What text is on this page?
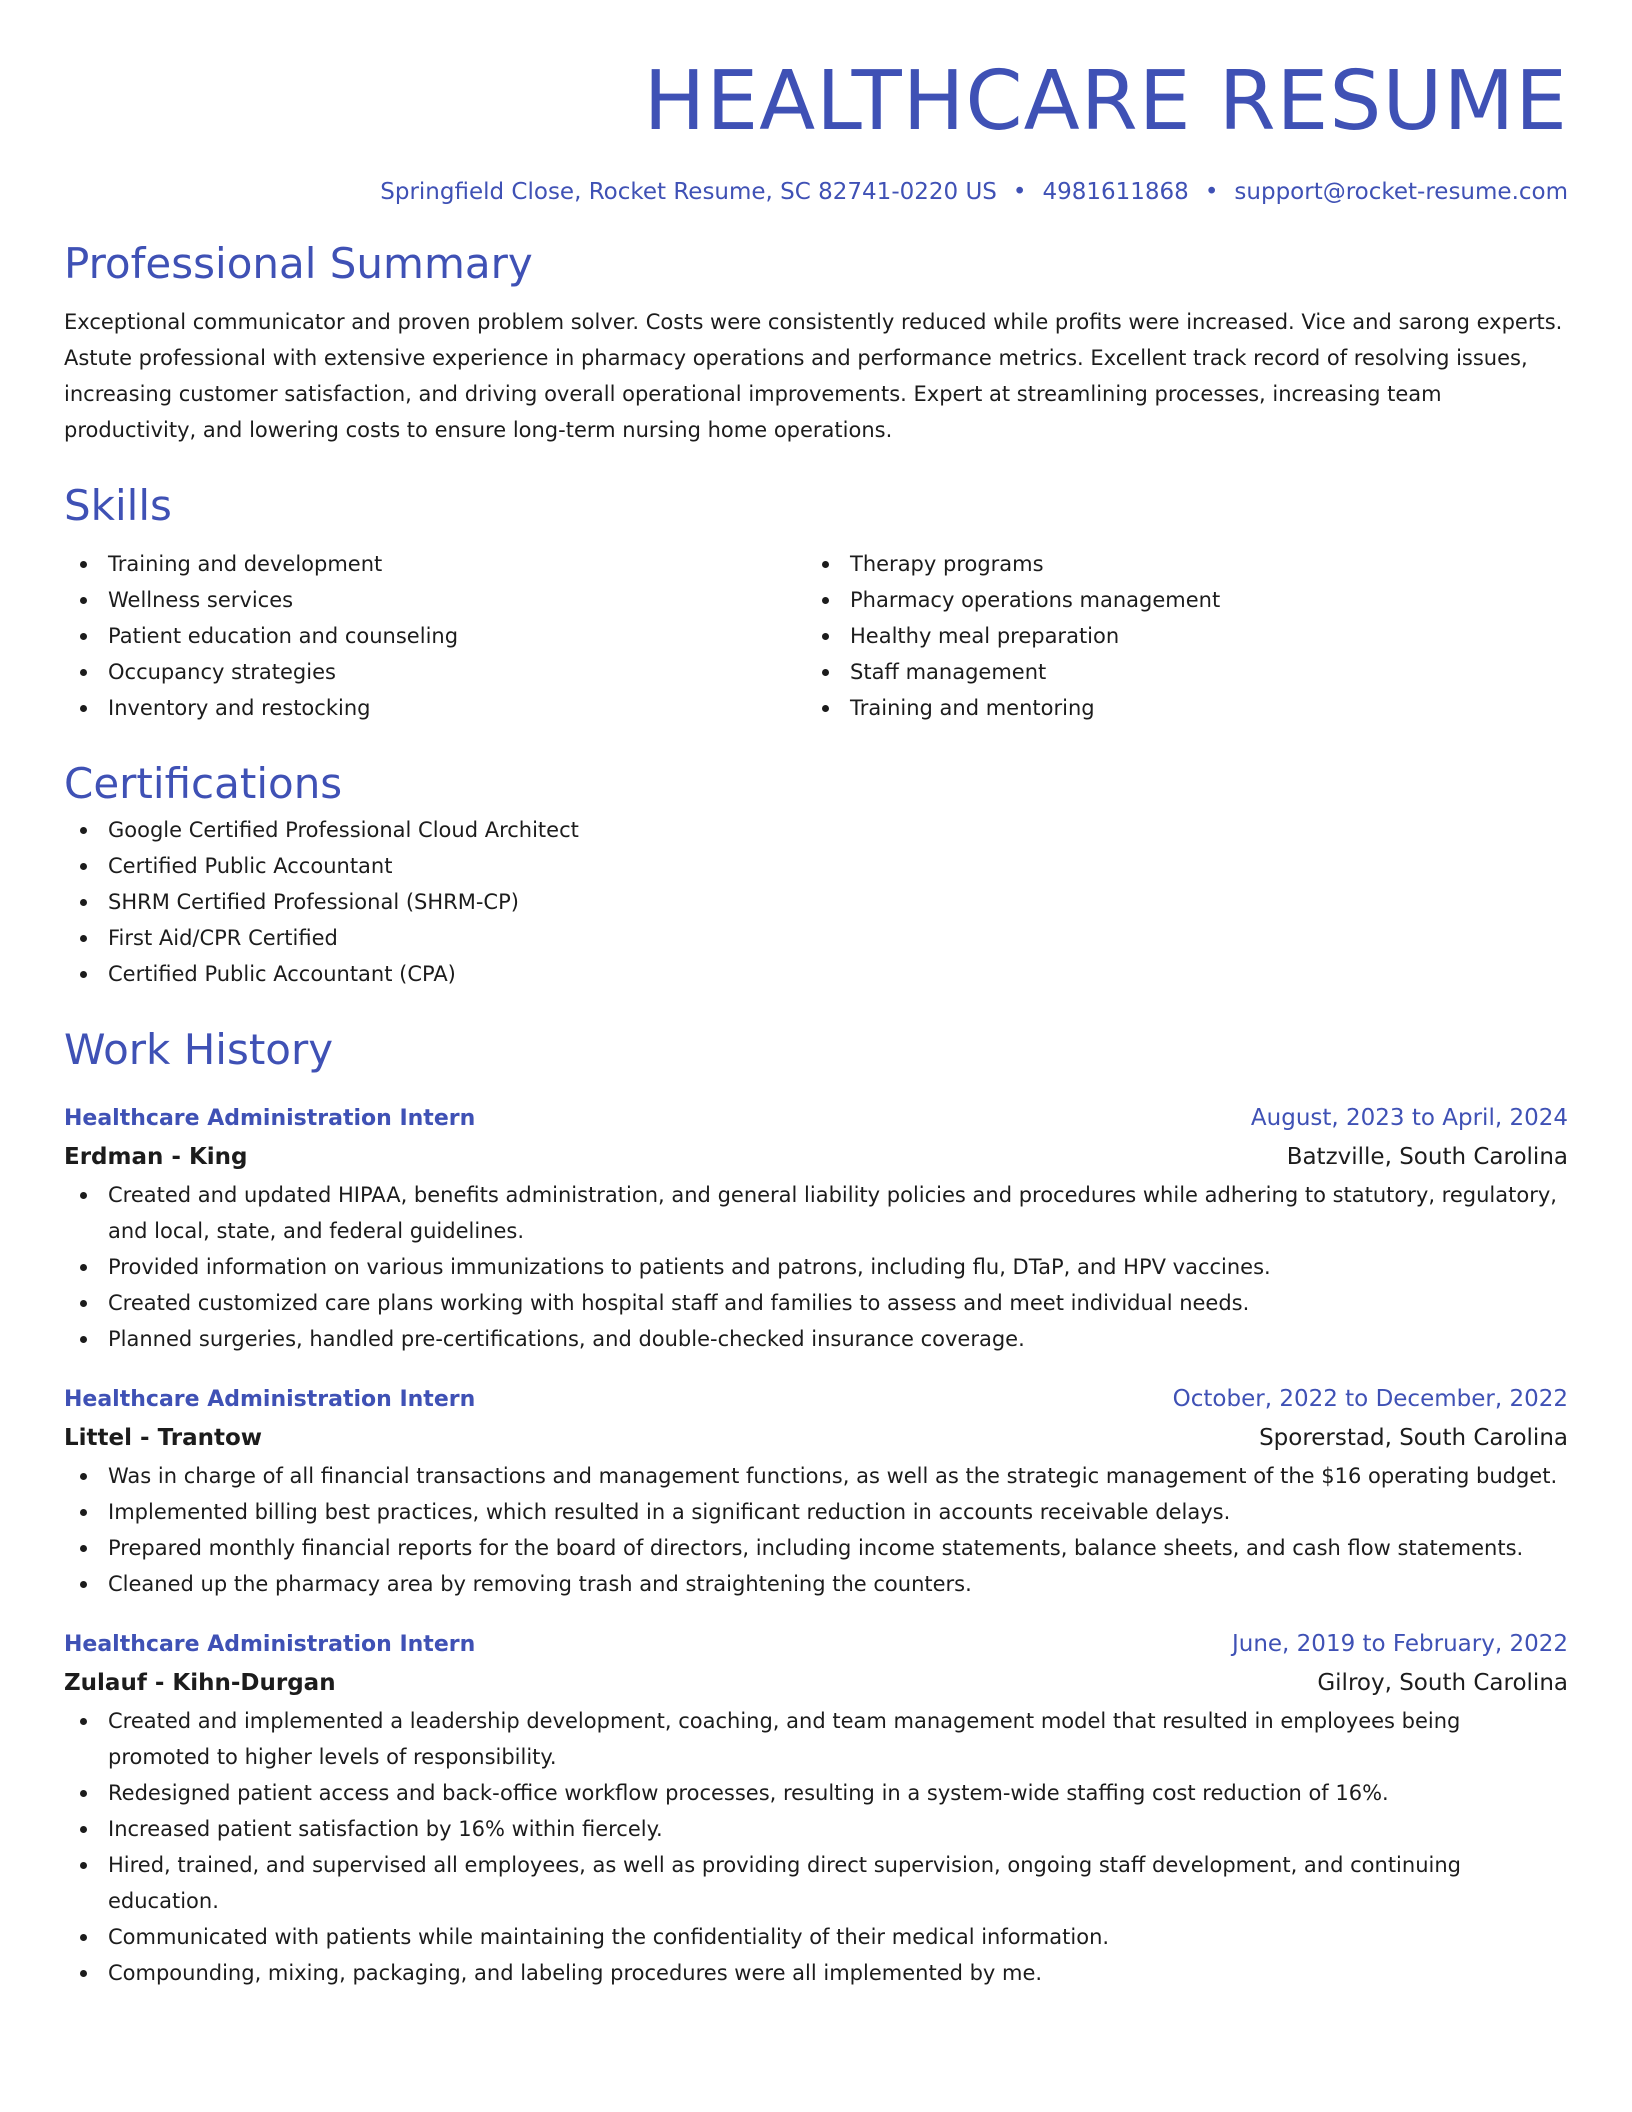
HEALTHCARE RESUME
Springfield Close, Rocket Resume, SC 82741-0220 US • 4981611868 • support@rocket-resume.com
Professional Summary

Exceptional communicator and proven problem solver. Costs were consistently reduced while profits were increased. Vice and sarong experts. Astute professional with extensive experience in pharmacy operations and performance metrics. Excellent track record of resolving issues, increasing customer satisfaction, and driving overall operational improvements. Expert at streamlining processes, increasing team productivity, and lowering costs to ensure long-term nursing home operations.

Skills
Training and development
Wellness services
Patient education and counseling
Occupancy strategies
Inventory and restocking
Therapy programs
Pharmacy operations management
Healthy meal preparation
Staff management
Training and mentoring
Certifications
Google Certified Professional Cloud Architect
Certified Public Accountant
SHRM Certified Professional (SHRM-CP)
First Aid/CPR Certified
Certified Public Accountant (CPA)
Work History
Healthcare Administration Intern	August, 2023 to April, 2024
Erdman - King	Batzville, South Carolina
Created and updated HIPAA, benefits administration, and general liability policies and procedures while adhering to statutory, regulatory, and local, state, and federal guidelines.
Provided information on various immunizations to patients and patrons, including flu, DTaP, and HPV vaccines.
Created customized care plans working with hospital staff and families to assess and meet individual needs.
Planned surgeries, handled pre-certifications, and double-checked insurance coverage.
Healthcare Administration Intern	October, 2022 to December, 2022
Littel - Trantow	Sporerstad, South Carolina
Was in charge of all financial transactions and management functions, as well as the strategic management of the $16 operating budget.
Implemented billing best practices, which resulted in a significant reduction in accounts receivable delays.
Prepared monthly financial reports for the board of directors, including income statements, balance sheets, and cash flow statements.
Cleaned up the pharmacy area by removing trash and straightening the counters.
Healthcare Administration Intern	June, 2019 to February, 2022
Zulauf - Kihn-Durgan	Gilroy, South Carolina
Created and implemented a leadership development, coaching, and team management model that resulted in employees being promoted to higher levels of responsibility.
Redesigned patient access and back-office workflow processes, resulting in a system-wide staffing cost reduction of 16%.
Increased patient satisfaction by 16% within fiercely.
Hired, trained, and supervised all employees, as well as providing direct supervision, ongoing staff development, and continuing education.
Communicated with patients while maintaining the confidentiality of their medical information.
Compounding, mixing, packaging, and labeling procedures were all implemented by me.
